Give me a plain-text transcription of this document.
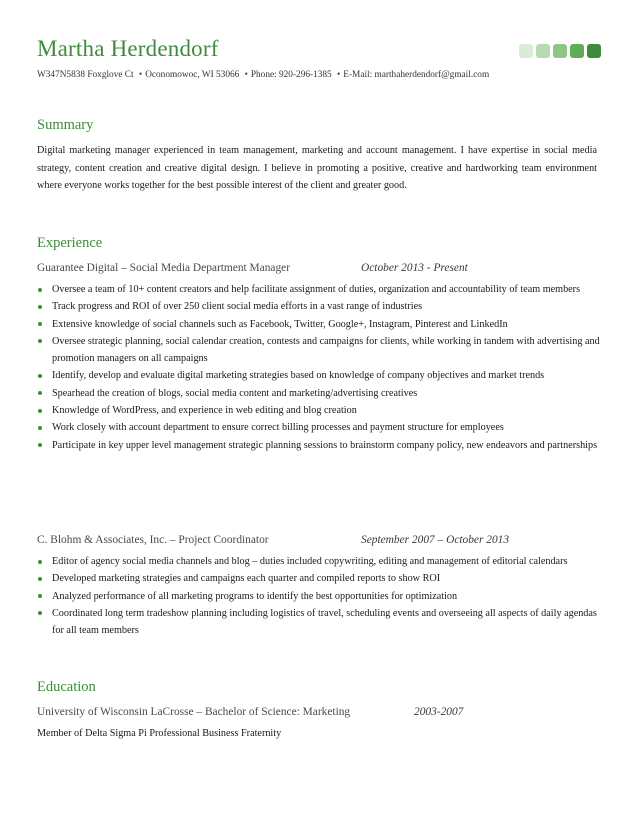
Martha Herdendorf
W347N5838 Foxglove Ct • Oconomowoc, WI 53066 • Phone: 920-296-1385 • E-Mail: marthaherdendorf@gmail.com
Summary

Digital marketing manager experienced in team management, marketing and account management. I have expertise in social media strategy, content creation and creative digital design. I believe in promoting a positive, creative and hardworking team environment where everyone works together for the best possible interest of the client and greater good.

Experience
Guarantee Digital – Social Media Department Manager	October 2013 - Present
Oversee a team of 10+ content creators and help facilitate assignment of duties, organization and accountability of team members
Track progress and ROI of over 250 client social media efforts in a vast range of industries
Extensive knowledge of social channels such as Facebook, Twitter, Google+, Instagram, Pinterest and LinkedIn
Oversee strategic planning, social calendar creation, contests and campaigns for clients, while working in tandem with advertising and promotion managers on all campaigns
Identify, develop and evaluate digital marketing strategies based on knowledge of company objectives and market trends
Spearhead the creation of blogs, social media content and marketing/advertising creatives
Knowledge of WordPress, and experience in web editing and blog creation
Work closely with account department to ensure correct billing processes and payment structure for employees
Participate in key upper level management strategic planning sessions to brainstorm company policy, new endeavors and partnerships
C. Blohm & Associates, Inc. – Project Coordinator	September 2007 – October 2013
Editor of agency social media channels and blog – duties included copywriting, editing and management of editorial calendars
Developed marketing strategies and campaigns each quarter and compiled reports to show ROI
Analyzed performance of all marketing programs to identify the best opportunities for optimization
Coordinated long term tradeshow planning including logistics of travel, scheduling events and overseeing all aspects of daily agendas for all team members
Education
University of Wisconsin LaCrosse – Bachelor of Science: Marketing	2003-2007
Member of Delta Sigma Pi Professional Business Fraternity
